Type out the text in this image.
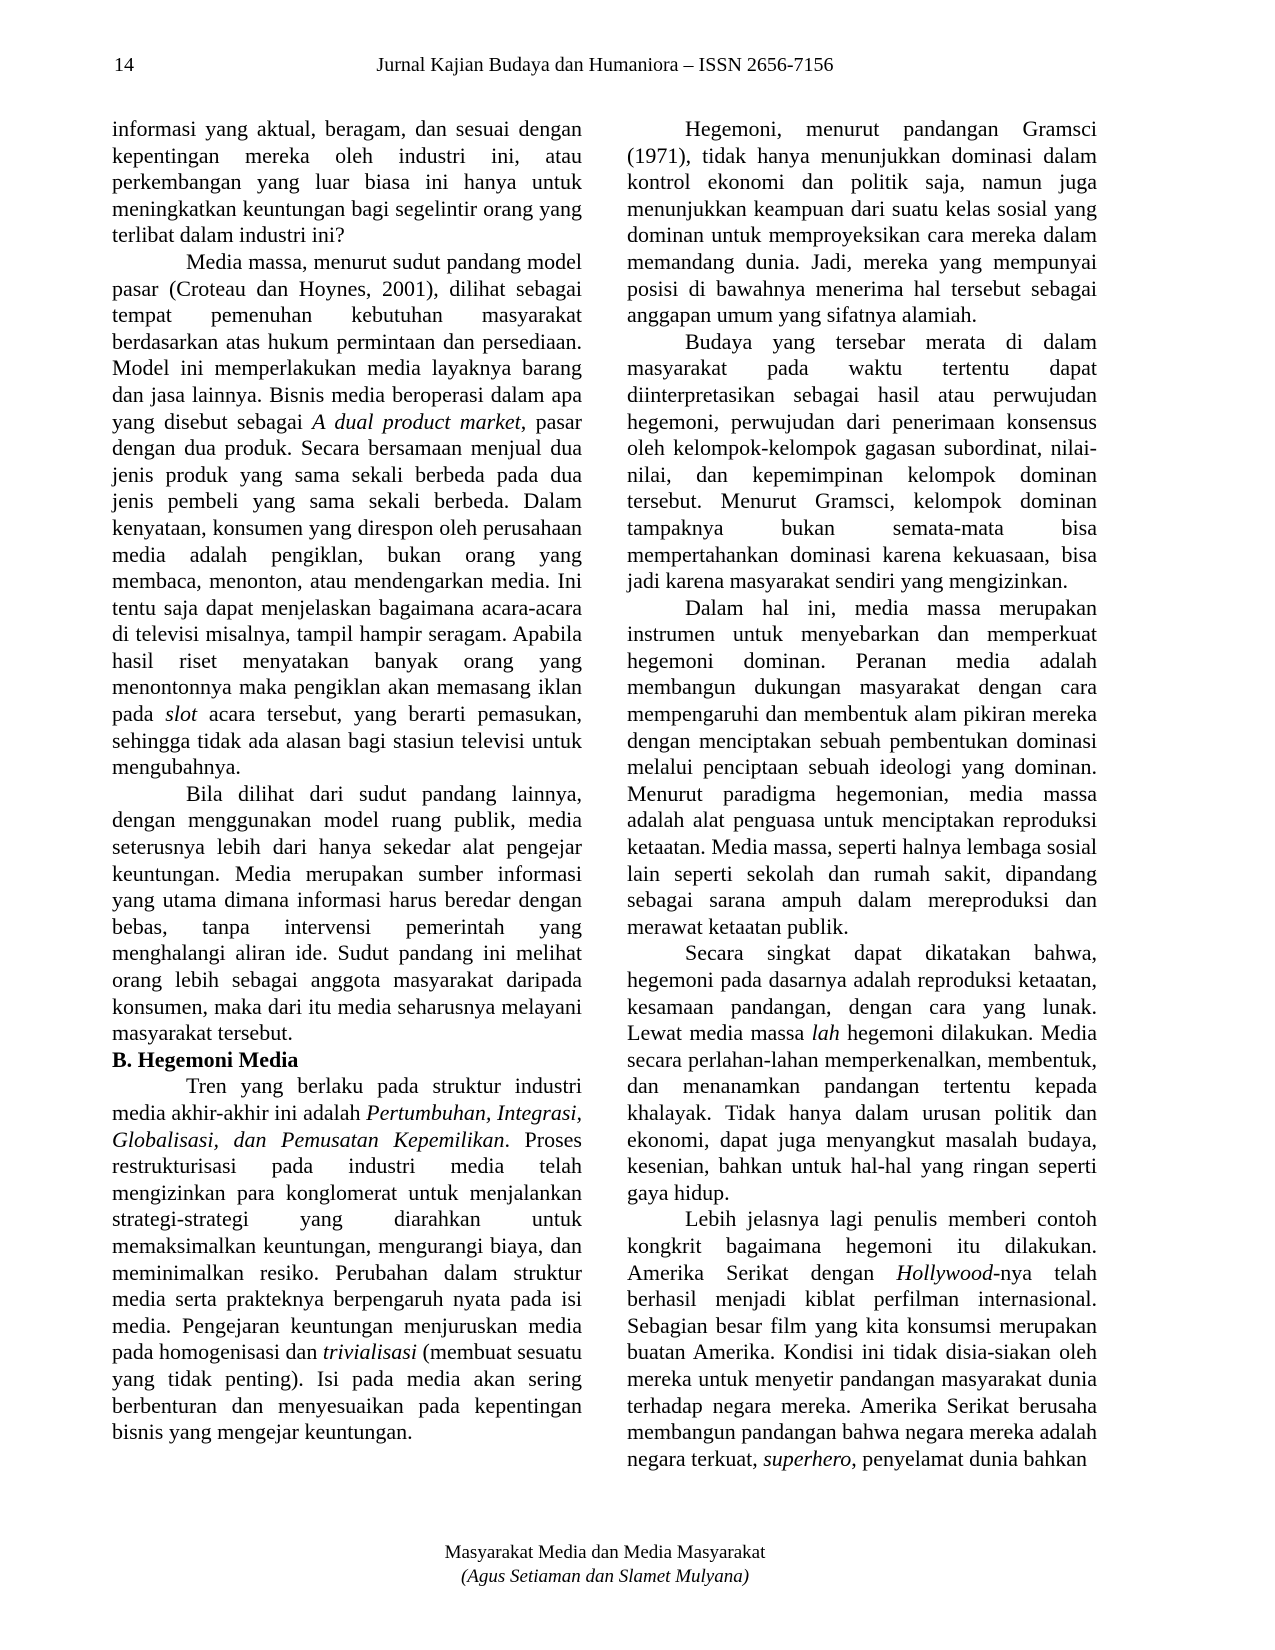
14	Jurnal Kajian Budaya dan Humaniora – ISSN 2656-7156

informasi yang aktual, beragam, dan sesuai dengan kepentingan mereka oleh industri ini, atau perkembangan yang luar biasa ini hanya untuk meningkatkan keuntungan bagi segelintir orang yang terlibat dalam industri ini?

Media massa, menurut sudut pandang model pasar (Croteau dan Hoynes, 2001), dilihat sebagai tempat pemenuhan kebutuhan masyarakat berdasarkan atas hukum permintaan dan persediaan. Model ini memperlakukan media layaknya barang dan jasa lainnya. Bisnis media beroperasi dalam apa yang disebut sebagai A dual product market, pasar dengan dua produk. Secara bersamaan menjual dua jenis produk yang sama sekali berbeda pada dua jenis pembeli yang sama sekali berbeda. Dalam kenyataan, konsumen yang direspon oleh perusahaan media adalah pengiklan, bukan orang yang membaca, menonton, atau mendengarkan media. Ini tentu saja dapat menjelaskan bagaimana acara-acara di televisi misalnya, tampil hampir seragam. Apabila hasil riset menyatakan banyak orang yang menontonnya maka pengiklan akan memasang iklan pada slot acara tersebut, yang berarti pemasukan, sehingga tidak ada alasan bagi stasiun televisi untuk mengubahnya.

Bila dilihat dari sudut pandang lainnya, dengan menggunakan model ruang publik, media seterusnya lebih dari hanya sekedar alat pengejar keuntungan. Media merupakan sumber informasi yang utama dimana informasi harus beredar dengan bebas, tanpa intervensi pemerintah yang menghalangi aliran ide. Sudut pandang ini melihat orang lebih sebagai anggota masyarakat daripada konsumen, maka dari itu media seharusnya melayani masyarakat tersebut.

B. Hegemoni Media

Tren yang berlaku pada struktur industri media akhir-akhir ini adalah Pertumbuhan, Integrasi, Globalisasi, dan Pemusatan Kepemilikan. Proses restrukturisasi pada industri media telah mengizinkan para konglomerat untuk menjalankan strategi-strategi yang diarahkan untuk memaksimalkan keuntungan, mengurangi biaya, dan meminimalkan resiko. Perubahan dalam struktur media serta prakteknya berpengaruh nyata pada isi media. Pengejaran keuntungan menjuruskan media pada homogenisasi dan trivialisasi (membuat sesuatu yang tidak penting). Isi pada media akan sering berbenturan dan menyesuaikan pada kepentingan bisnis yang mengejar keuntungan.

Hegemoni, menurut pandangan Gramsci (1971), tidak hanya menunjukkan dominasi dalam kontrol ekonomi dan politik saja, namun juga menunjukkan keampuan dari suatu kelas sosial yang dominan untuk memproyeksikan cara mereka dalam memandang dunia. Jadi, mereka yang mempunyai posisi di bawahnya menerima hal tersebut sebagai anggapan umum yang sifatnya alamiah.

Budaya yang tersebar merata di dalam masyarakat pada waktu tertentu dapat diinterpretasikan sebagai hasil atau perwujudan hegemoni, perwujudan dari penerimaan konsensus oleh kelompok-kelompok gagasan subordinat, nilai-nilai, dan kepemimpinan kelompok dominan tersebut. Menurut Gramsci, kelompok dominan tampaknya bukan semata-mata bisa mempertahankan dominasi karena kekuasaan, bisa jadi karena masyarakat sendiri yang mengizinkan.

Dalam hal ini, media massa merupakan instrumen untuk menyebarkan dan memperkuat hegemoni dominan. Peranan media adalah membangun dukungan masyarakat dengan cara mempengaruhi dan membentuk alam pikiran mereka dengan menciptakan sebuah pembentukan dominasi melalui penciptaan sebuah ideologi yang dominan. Menurut paradigma hegemonian, media massa adalah alat penguasa untuk menciptakan reproduksi ketaatan. Media massa, seperti halnya lembaga sosial lain seperti sekolah dan rumah sakit, dipandang sebagai sarana ampuh dalam mereproduksi dan merawat ketaatan publik.

Secara singkat dapat dikatakan bahwa, hegemoni pada dasarnya adalah reproduksi ketaatan, kesamaan pandangan, dengan cara yang lunak. Lewat media massa lah hegemoni dilakukan. Media secara perlahan-lahan memperkenalkan, membentuk, dan menanamkan pandangan tertentu kepada khalayak. Tidak hanya dalam urusan politik dan ekonomi, dapat juga menyangkut masalah budaya, kesenian, bahkan untuk hal-hal yang ringan seperti gaya hidup.

Lebih jelasnya lagi penulis memberi contoh kongkrit bagaimana hegemoni itu dilakukan. Amerika Serikat dengan Hollywood-nya telah berhasil menjadi kiblat perfilman internasional. Sebagian besar film yang kita konsumsi merupakan buatan Amerika. Kondisi ini tidak disia-siakan oleh mereka untuk menyetir pandangan masyarakat dunia terhadap negara mereka. Amerika Serikat berusaha membangun pandangan bahwa negara mereka adalah negara terkuat, superhero, penyelamat dunia bahkan

Masyarakat Media dan Media Masyarakat
(Agus Setiaman dan Slamet Mulyana)
